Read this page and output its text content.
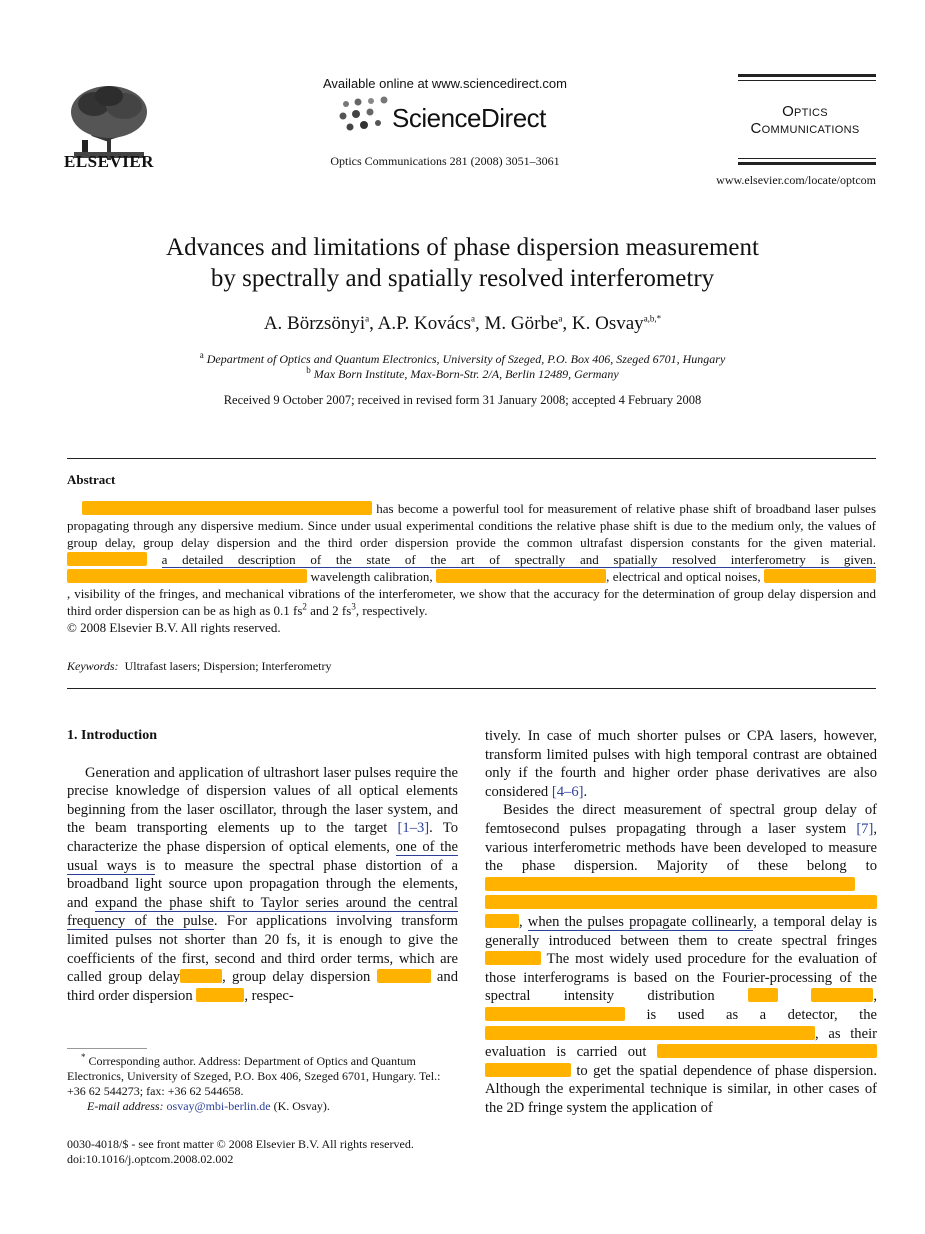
ELSEVIER
Available online at www.sciencedirect.com
ScienceDirect
Optics Communications 281 (2008) 3051–3061
Optics
Communications
www.elsevier.com/locate/optcom
Advances and limitations of phase dispersion measurement
by spectrally and spatially resolved interferometry
A. Börzsönyi$^a$, A.P. Kovács$^a$, M. Görbe$^a$, K. Osvay$^{a,b,*}$
$^a$ Department of Optics and Quantum Electronics, University of Szeged, P.O. Box 406, Szeged 6701, Hungary
$^b$ Max Born Institute, Max-Born-Str. 2/A, Berlin 12489, Germany
Received 9 October 2007; received in revised form 31 January 2008; accepted 4 February 2008
Abstract
has become a powerful tool for measurement of relative phase shift of broadband laser pulses propagating through any dispersive medium. Since under usual experimental conditions the relative phase shift is due to the medium only, the values of group delay, group delay dispersion and the third order dispersion provide the common ultrafast dispersion constants for the given material.  a detailed description of the state of the art of spectrally and spatially resolved interferometry is given.  wavelength calibration,	, electrical and optical noises, , visibility of the fringes, and mechanical vibrations of the interferometer, we show that the accuracy for the determination of group delay dispersion and third order dispersion can be as high as 0.1 $fs^2$ and 2 $fs^3$, respectively.
© 2008 Elsevier B.V. All rights reserved.
Keywords: Ultrafast lasers; Dispersion; Interferometry
1. Introduction

Generation and application of ultrashort laser pulses require the precise knowledge of dispersion values of all optical elements beginning from the laser oscillator, through the laser system, and the beam transporting elements up to the target [1–3]. To characterize the phase dispersion of optical elements, one of the usual ways is to measure the spectral phase distortion of a broadband light source upon propagation through the elements, and expand the phase shift to Taylor series around the central frequency of the pulse. For applications involving transform limited pulses not shorter than 20 fs, it is enough to give the coefficients of the first, second and third order terms, which are called group delay	, group delay dispersion	and third order dispersion	, respec-

* Corresponding author. Address: Department of Optics and Quantum Electronics, University of Szeged, P.O. Box 406, Szeged 6701, Hungary. Tel.: +36 62 544273; fax: +36 62 544658.
E-mail address: osvay@mbi-berlin.de (K. Osvay).
0030-4018/$ - see front matter © 2008 Elsevier B.V. All rights reserved.
doi:10.1016/j.optcom.2008.02.002

tively. In case of much shorter pulses or CPA lasers, however, transform limited pulses with high temporal contrast are obtained only if the fourth and higher order phase derivatives are also considered [4–6].

Besides the direct measurement of spectral group delay of femtosecond pulses propagating through a laser system [7], various interferometric methods have been developed to measure the phase dispersion. Majority of these belong to   , when the pulses propagate collinearly, a temporal delay is generally introduced between them to create spectral fringes  The most widely used procedure for the evaluation of those interferograms is based on the Fourier-processing of the spectral intensity distribution	,  is used as a detector, the , as their evaluation is carried out   to get the spatial dependence of phase dispersion. Although the experimental technique is similar, in other cases of the 2D fringe system the application of
